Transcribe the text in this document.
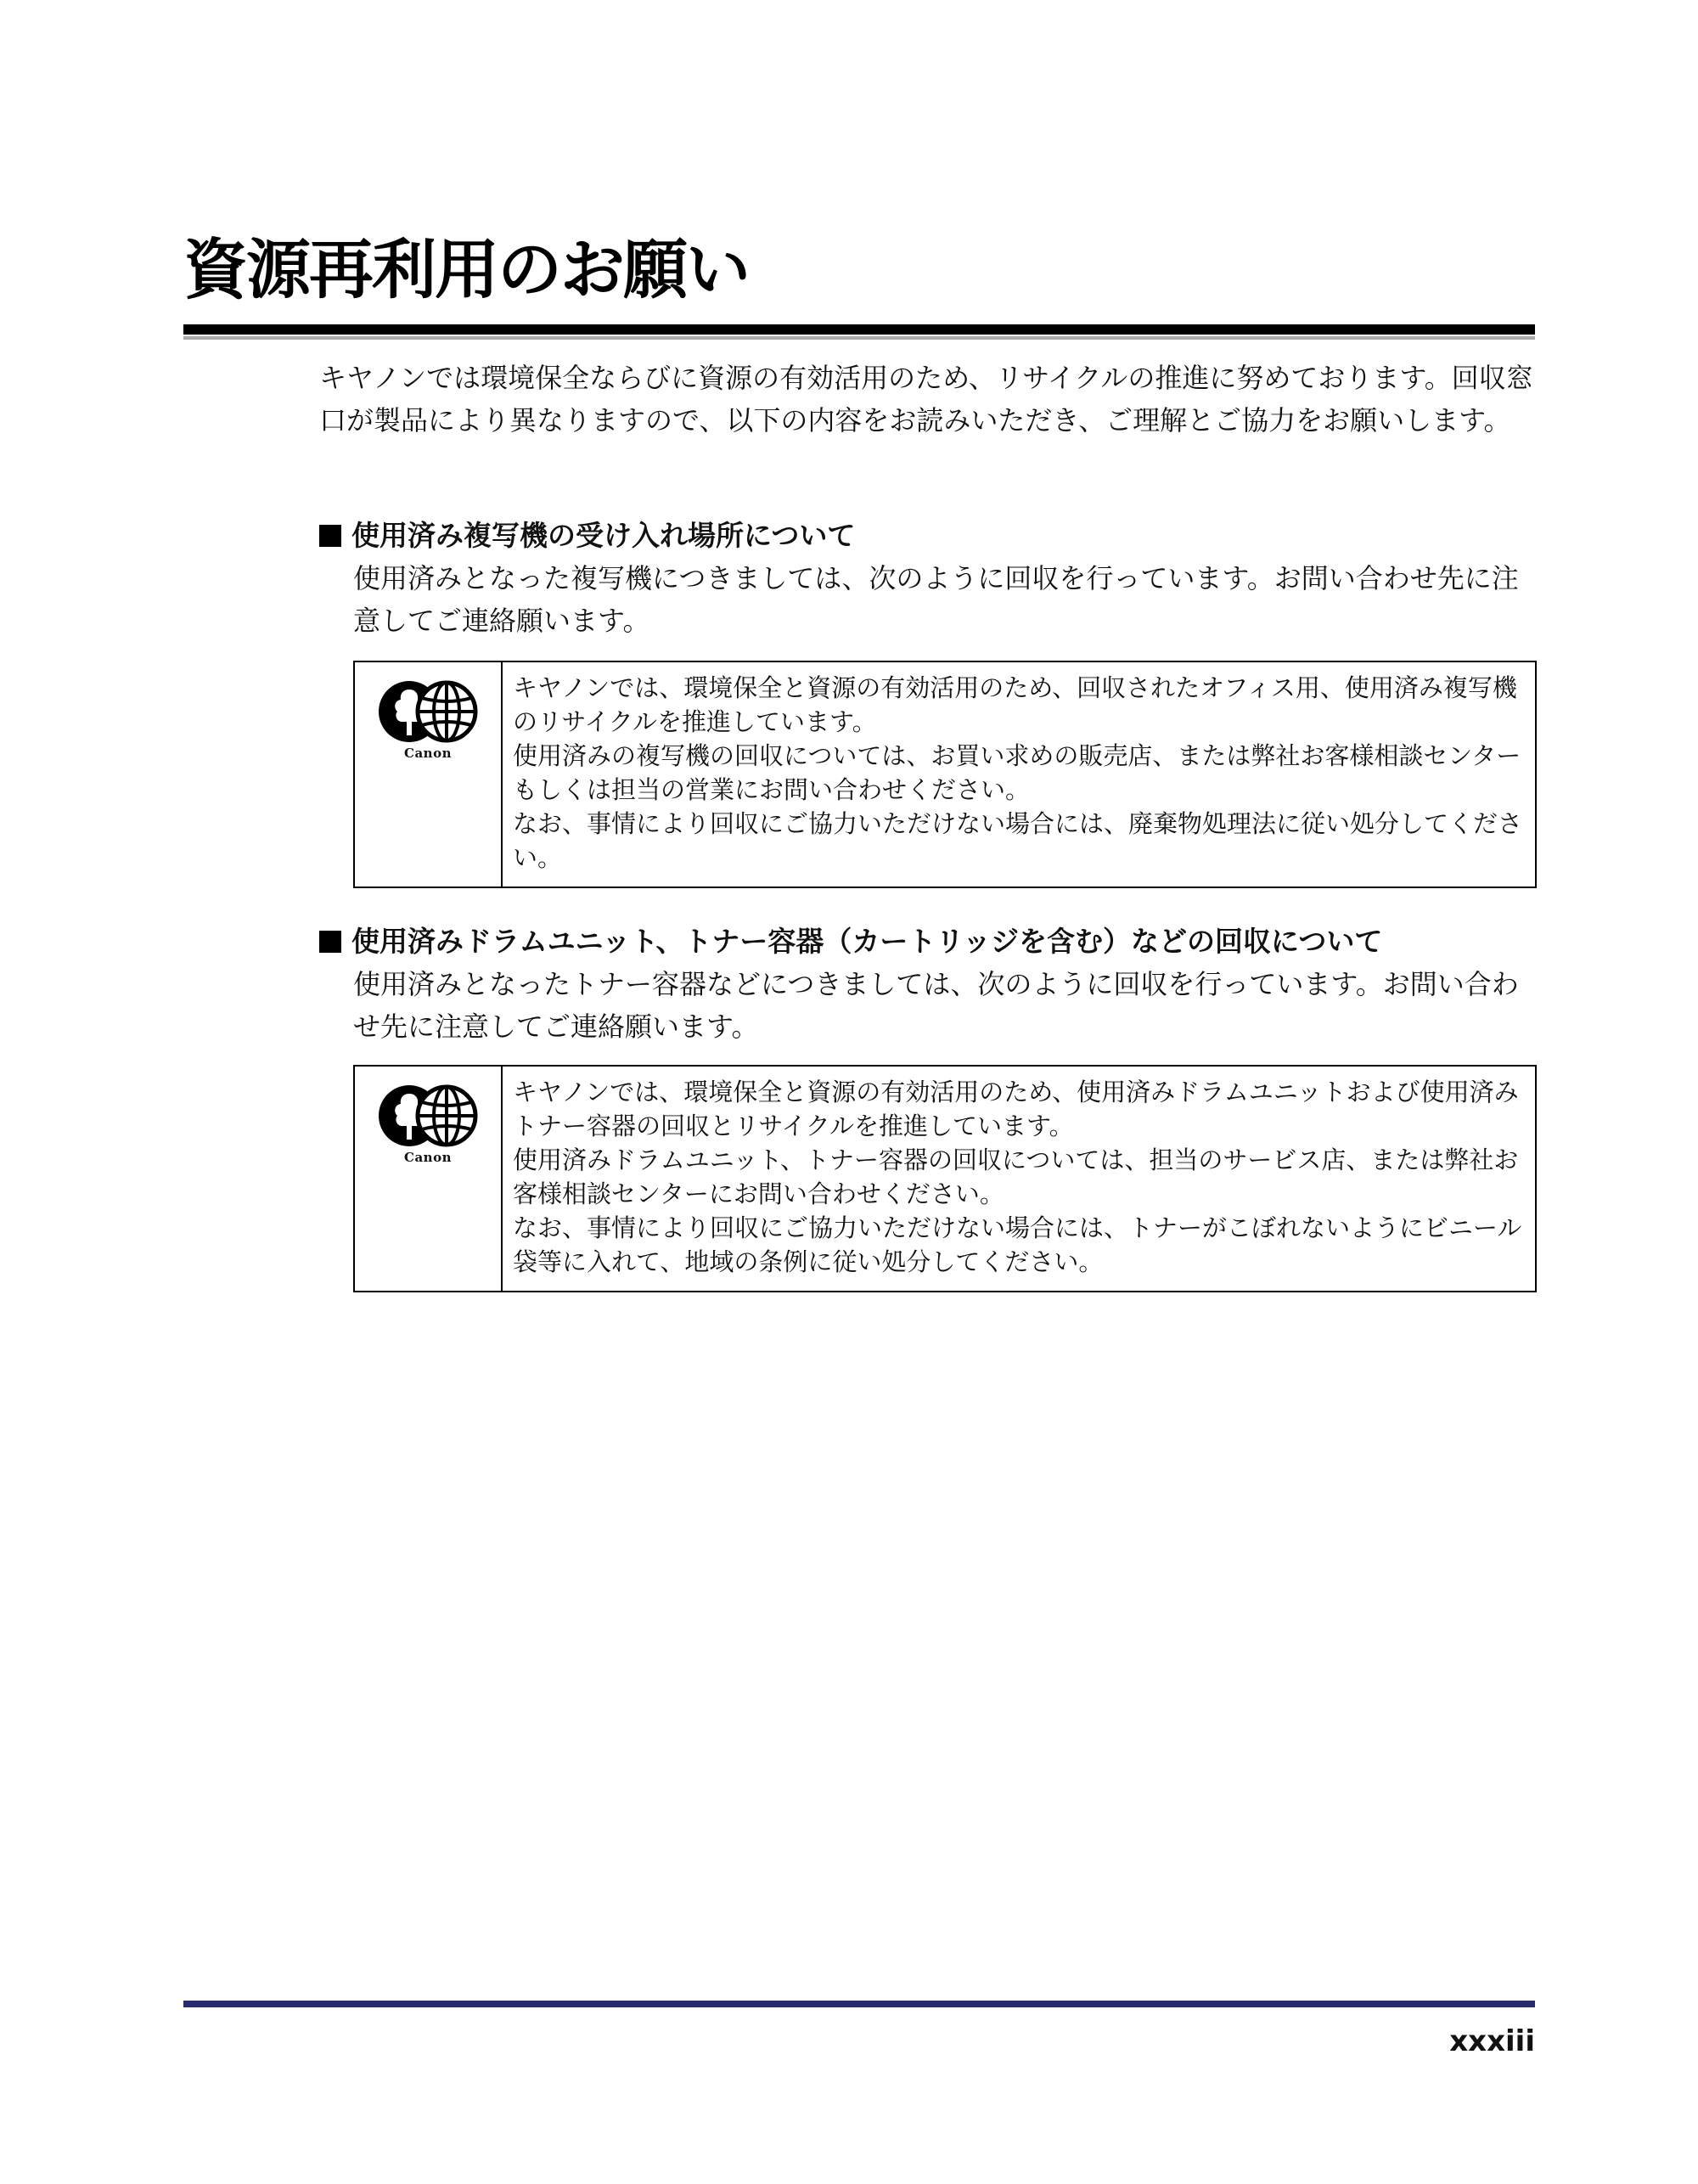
資源再利用のお願い

キヤノンでは環境保全ならびに資源の有効活用のため、リサイクルの推進に努めております。回収窓口が製品により異なりますので、以下の内容をお読みいただき、ご理解とご協力をお願いします。

使用済み複写機の受け入れ場所について

使用済みとなった複写機につきましては、次のように回収を行っています。お問い合わせ先に注意してご連絡願います。

Canon

キヤノンでは、環境保全と資源の有効活用のため、回収されたオフィス用、使用済み複写機のリサイクルを推進しています。

使用済みの複写機の回収については、お買い求めの販売店、または弊社お客様相談センターもしくは担当の営業にお問い合わせください。

なお、事情により回収にご協力いただけない場合には、廃棄物処理法に従い処分してください。

使用済みドラムユニット、トナー容器（カートリッジを含む）などの回収について

使用済みとなったトナー容器などにつきましては、次のように回収を行っています。お問い合わせ先に注意してご連絡願います。

Canon

キヤノンでは、環境保全と資源の有効活用のため、使用済みドラムユニットおよび使用済みトナー容器の回収とリサイクルを推進しています。

使用済みドラムユニット、トナー容器の回収については、担当のサービス店、または弊社お客様相談センターにお問い合わせください。

なお、事情により回収にご協力いただけない場合には、トナーがこぼれないようにビニール袋等に入れて、地域の条例に従い処分してください。

xxxiii
